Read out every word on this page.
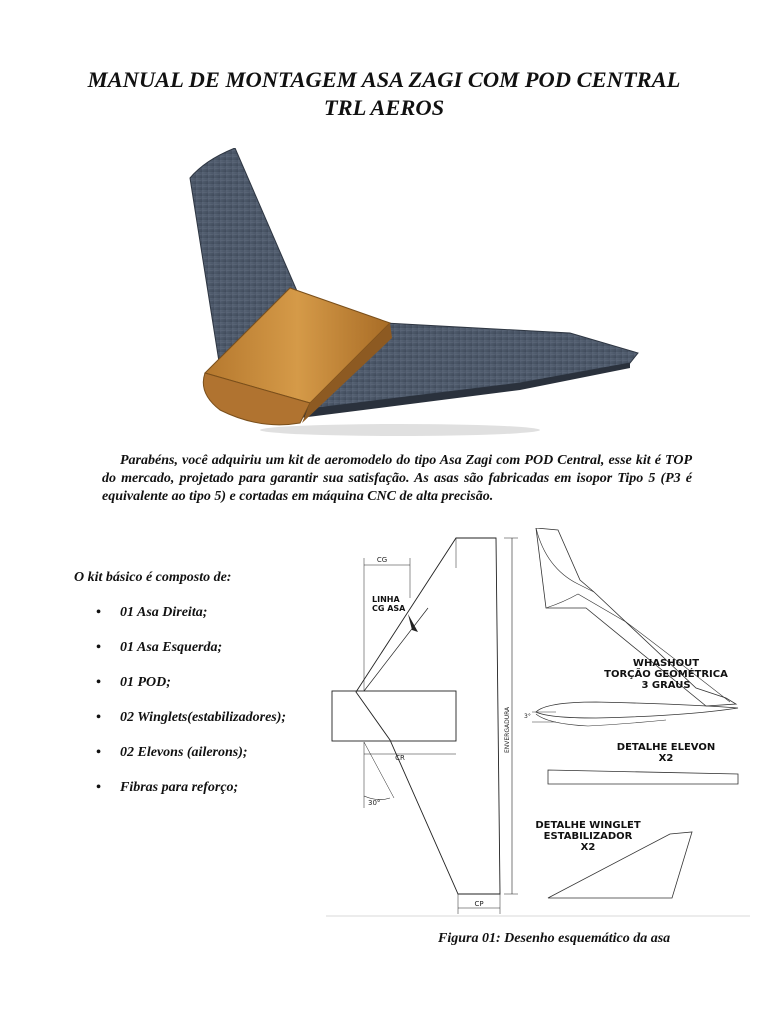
MANUAL DE MONTAGEM ASA ZAGI COM POD CENTRAL
TRL AEROS
Parabéns, você adquiriu um kit de aeromodelo do tipo Asa Zagi com POD Central, esse kit é TOP do mercado, projetado para garantir sua satisfação. As asas são fabricadas em isopor Tipo 5 (P3 é equivalente ao tipo 5) e cortadas em máquina CNC de alta precisão.
O kit básico é composto de:
• 01 Asa Direita;
• 01 Asa Esquerda;
• 01 POD;
• 02 Winglets(estabilizadores);
• 02 Elevons (ailerons);
• Fibras para reforço;
CG
LINHA
CG ASA
CR
30°
CP
ENVERGADURA
WHASHOUT
TORÇÃO GEOMÉTRICA
3 GRAUS
3°
DETALHE ELEVON
X2
DETALHE WINGLET
ESTABILIZADOR
X2
Figura 01: Desenho esquemático da asa
